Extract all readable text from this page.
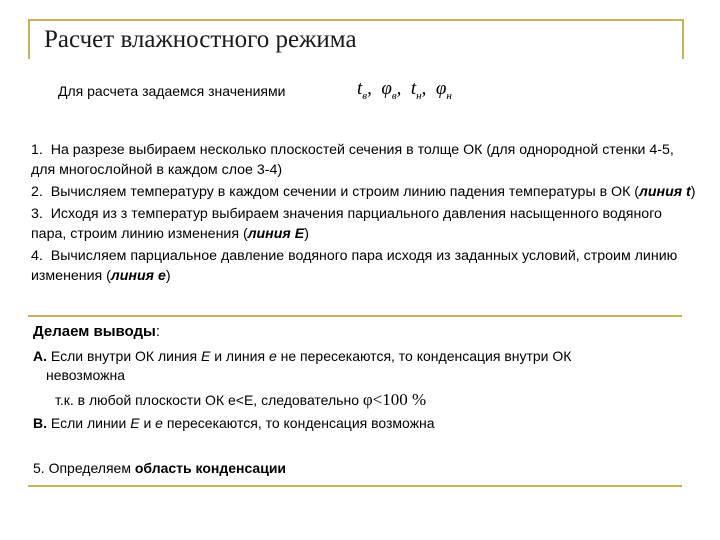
Расчет влажностного режима
Для расчета задаемся значениями	$t_в$,  $\varphi_в$,  $t_н$,  $\varphi_н$
1. На разрезе выбираем несколько плоскостей сечения в толще ОК (для однородной стенки 4-5, для многослойной в каждом слое 3-4)
2. Вычисляем температуру в каждом сечении и строим линию падения температуры в ОК (линия t)
3. Исходя из з температур выбираем значения парциального давления насыщенного водяного пара, строим линию изменения (линия E)
4. Вычисляем парциальное давление водяного пара исходя из заданных условий, строим линию изменения (линия e)
Делаем выводы:
А. Если внутри ОК линия E и линия e не пересекаются, то конденсация внутри ОК
невозможна
т.к. в любой плоскости ОК e<E, следовательно φ<100 %
В. Если линии E и e пересекаются, то конденсация возможна
5. Определяем область конденсации
